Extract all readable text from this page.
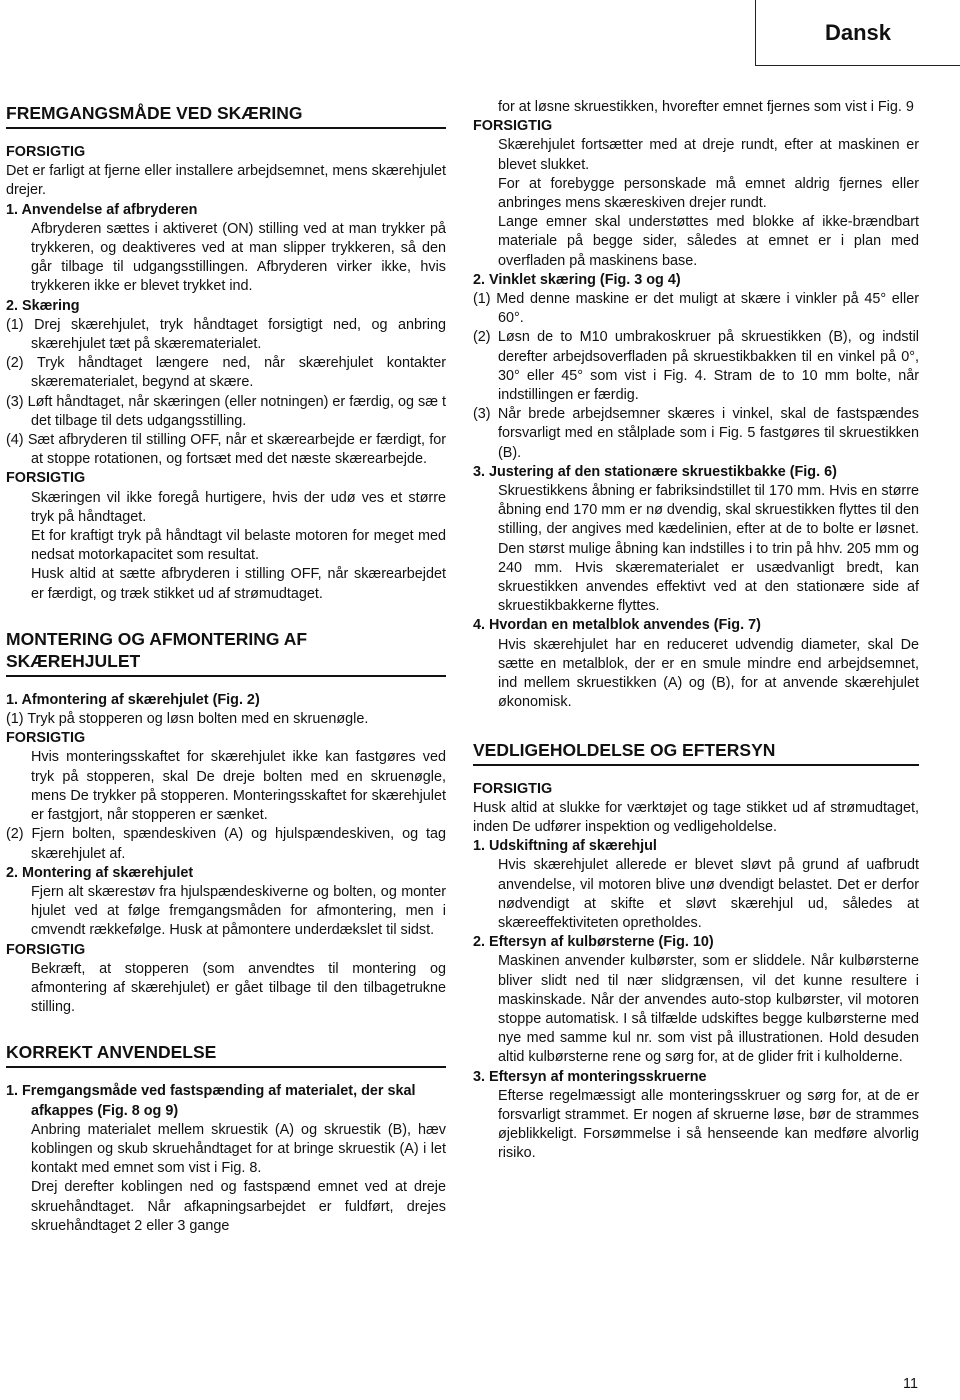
Dansk
FREMGANGSMÅDE VED SKÆRING
FORSIGTIG
Det er farligt at fjerne eller installere arbejdsemnet, mens skærehjulet drejer.
1. Anvendelse af afbryderen
Afbryderen sættes i aktiveret (ON) stilling ved at man trykker på trykkeren, og deaktiveres ved at man slipper trykkeren, så den går tilbage til udgangsstillingen. Afbryderen virker ikke, hvis trykkeren ikke er blevet trykket ind.
2. Skæring
(1) Drej skærehjulet, tryk håndtaget forsigtigt ned, og anbring skærehjulet tæt på skærematerialet.
(2) Tryk håndtaget længere ned, når skærehjulet kontakter skærematerialet, begynd at skære.
(3) Løft håndtaget, når skæringen (eller notningen) er færdig, og sæ t det tilbage til dets udgangsstilling.
(4) Sæt afbryderen til stilling OFF, når et skærearbejde er færdigt, for at stoppe rotationen, og fortsæt med det næste skærearbejde.
FORSIGTIG
Skæringen vil ikke foregå hurtigere, hvis der udø ves et større tryk på håndtaget.
Et for kraftigt tryk på håndtagt vil belaste motoren for meget med nedsat motorkapacitet som resultat.
Husk altid at sætte afbryderen i stilling OFF, når skærearbejdet er færdigt, og træk stikket ud af strømudtaget.
MONTERING OG AFMONTERING AF SKÆREHJULET
1. Afmontering af skærehjulet (Fig. 2)
(1) Tryk på stopperen og løsn bolten med en skruenøgle.
FORSIGTIG
Hvis monteringsskaftet for skærehjulet ikke kan fastgøres ved tryk på stopperen, skal De dreje bolten med en skruenøgle, mens De trykker på stopperen. Monteringsskaftet for skærehjulet er fastgjort, når stopperen er sænket.
(2) Fjern bolten, spændeskiven (A) og hjulspændeskiven, og tag skærehjulet af.
2. Montering af skærehjulet
Fjern alt skærestøv fra hjulspændeskiverne og bolten, og monter hjulet ved at følge fremgangsmåden for afmontering, men i cmvendt rækkefølge. Husk at påmontere underdækslet til sidst.
FORSIGTIG
Bekræft, at stopperen (som anvendtes til montering og afmontering af skærehjulet) er gået tilbage til den tilbagetrukne stilling.
KORREKT ANVENDELSE
1. Fremgangsmåde ved fastspænding af materialet, der skal afkappes (Fig. 8 og 9)
Anbring materialet mellem skruestik (A) og skruestik (B), hæv koblingen og skub skruehåndtaget for at bringe skruestik (A) i let kontakt med emnet som vist i Fig. 8.
Drej derefter koblingen ned og fastspænd emnet ved at dreje skruehåndtaget. Når afkapningsarbejdet er fuldført, drejes skruehåndtaget 2 eller 3 gange
for at løsne skruestikken, hvorefter emnet fjernes som vist i Fig. 9
FORSIGTIG
Skærehjulet fortsætter med at dreje rundt, efter at maskinen er blevet slukket.
For at forebygge personskade må emnet aldrig fjernes eller anbringes mens skæreskiven drejer rundt.
Lange emner skal understøttes med blokke af ikke-brændbart materiale på begge sider, således at emnet er i plan med overfladen på maskinens base.
2. Vinklet skæring (Fig. 3 og 4)
(1) Med denne maskine er det muligt at skære i vinkler på 45° eller 60°.
(2) Løsn de to M10 umbrakoskruer på skruestikken (B), og indstil derefter arbejdsoverfladen på skruestikbakken til en vinkel på 0°, 30° eller 45° som vist i Fig. 4. Stram de to 10 mm bolte, når indstillingen er færdig.
(3) Når brede arbejdsemner skæres i vinkel, skal de fastspændes forsvarligt med en stålplade som i Fig. 5 fastgøres til skruestikken (B).
3. Justering af den stationære skruestikbakke (Fig. 6)
Skruestikkens åbning er fabriksindstillet til 170 mm. Hvis en større åbning end 170 mm er nø dvendig, skal skruestikken flyttes til den stilling, der angives med kædelinien, efter at de to bolte er løsnet. Den størst mulige åbning kan indstilles i to trin på hhv. 205 mm og 240 mm. Hvis skærematerialet er usædvanligt bredt, kan skruestikken anvendes effektivt ved at den stationære side af skruestikbakkerne flyttes.
4. Hvordan en metalblok anvendes (Fig. 7)
Hvis skærehjulet har en reduceret udvendig diameter, skal De sætte en metalblok, der er en smule mindre end arbejdsemnet, ind mellem skruestikken (A) og (B), for at anvende skærehjulet økonomisk.
VEDLIGEHOLDELSE OG EFTERSYN
FORSIGTIG
Husk altid at slukke for værktøjet og tage stikket ud af strømudtaget, inden De udfører inspektion og vedligeholdelse.
1. Udskiftning af skærehjul
Hvis skærehjulet allerede er blevet sløvt på grund af uafbrudt anvendelse, vil motoren blive unø dvendigt belastet. Det er derfor nødvendigt at skifte et sløvt skærehjul ud, således at skæreeffektiviteten opretholdes.
2. Eftersyn af kulbørsterne (Fig. 10)
Maskinen anvender kulbørster, som er sliddele. Når kulbørsterne bliver slidt ned til nær slidgrænsen, vil det kunne resultere i maskinskade. Når der anvendes auto-stop kulbørster, vil motoren stoppe automatisk. I så tilfælde udskiftes begge kulbørsterne med nye med samme kul nr. som vist på illustrationen. Hold desuden altid kulbørsterne rene og sørg for, at de glider frit i kulholderne.
3. Eftersyn af monteringsskruerne
Efterse regelmæssigt alle monteringsskruer og sørg for, at de er forsvarligt strammet. Er nogen af skruerne løse, bør de strammes øjeblikkeligt. Forsømmelse i så henseende kan medføre alvorlig risiko.
11
